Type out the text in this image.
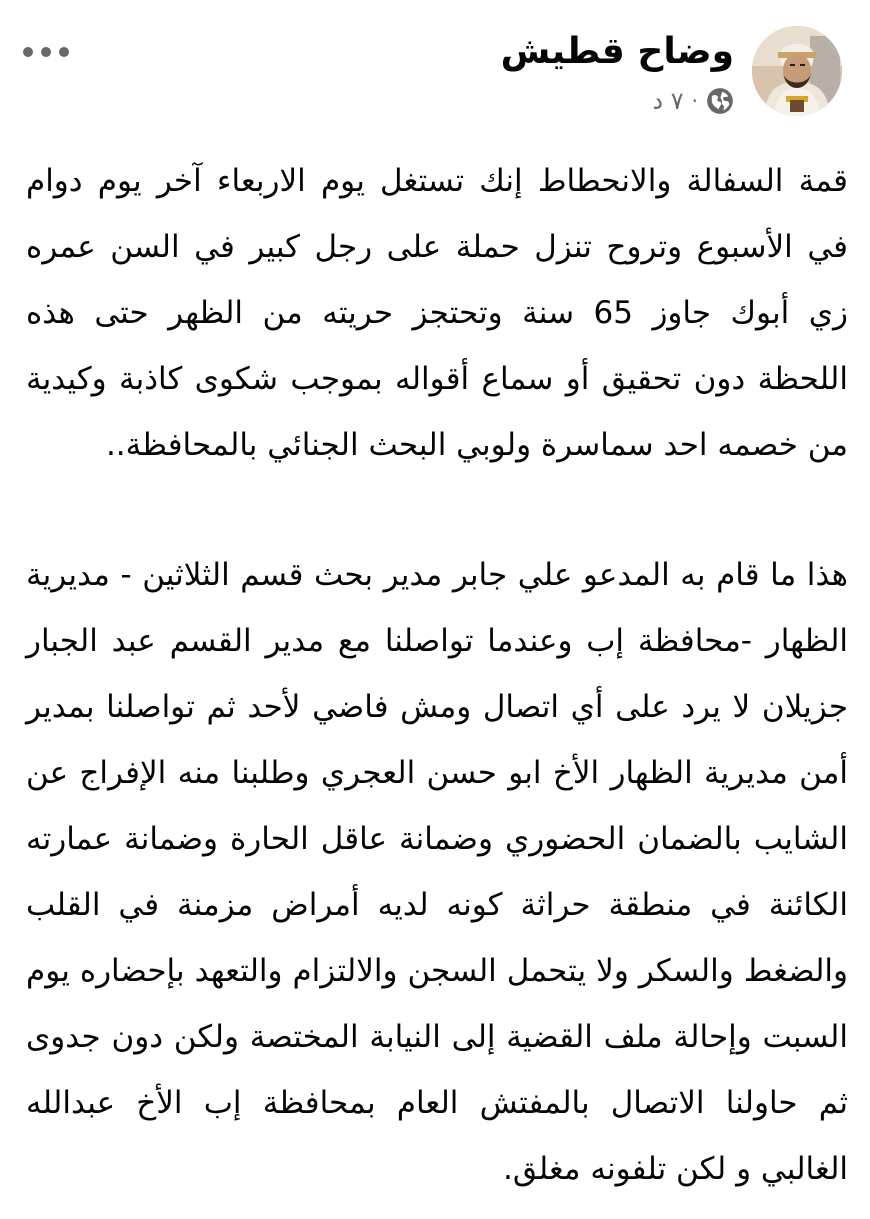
وضاح قطيش
٧ د ·

قمة السفالة والانحطاط إنك تستغل يوم الاربعاء آخر يوم دوام في الأسبوع وتروح تنزل حملة على رجل كبير في السن عمره زي أبوك جاوز 65 سنة وتحتجز حريته من الظهر حتى هذه اللحظة دون تحقيق أو سماع أقواله بموجب شكوى كاذبة وكيدية من خصمه احد سماسرة ولوبي البحث الجنائي بالمحافظة..

هذا ما قام به المدعو علي جابر مدير بحث قسم الثلاثين - مديرية الظهار -محافظة إب وعندما تواصلنا مع مدير القسم عبد الجبار جزيلان لا يرد على أي اتصال ومش فاضي لأحد ثم تواصلنا بمدير أمن مديرية الظهار الأخ ابو حسن العجري وطلبنا منه الإفراج عن الشايب بالضمان الحضوري وضمانة عاقل الحارة وضمانة عمارته الكائنة في منطقة حراثة كونه لديه أمراض مزمنة في القلب والضغط والسكر ولا يتحمل السجن والالتزام والتعهد بإحضاره يوم السبت وإحالة ملف القضية إلى النيابة المختصة ولكن دون جدوى ثم حاولنا الاتصال بالمفتش العام بمحافظة إب الأخ عبدالله الغالبي و لكن تلفونه مغلق.
